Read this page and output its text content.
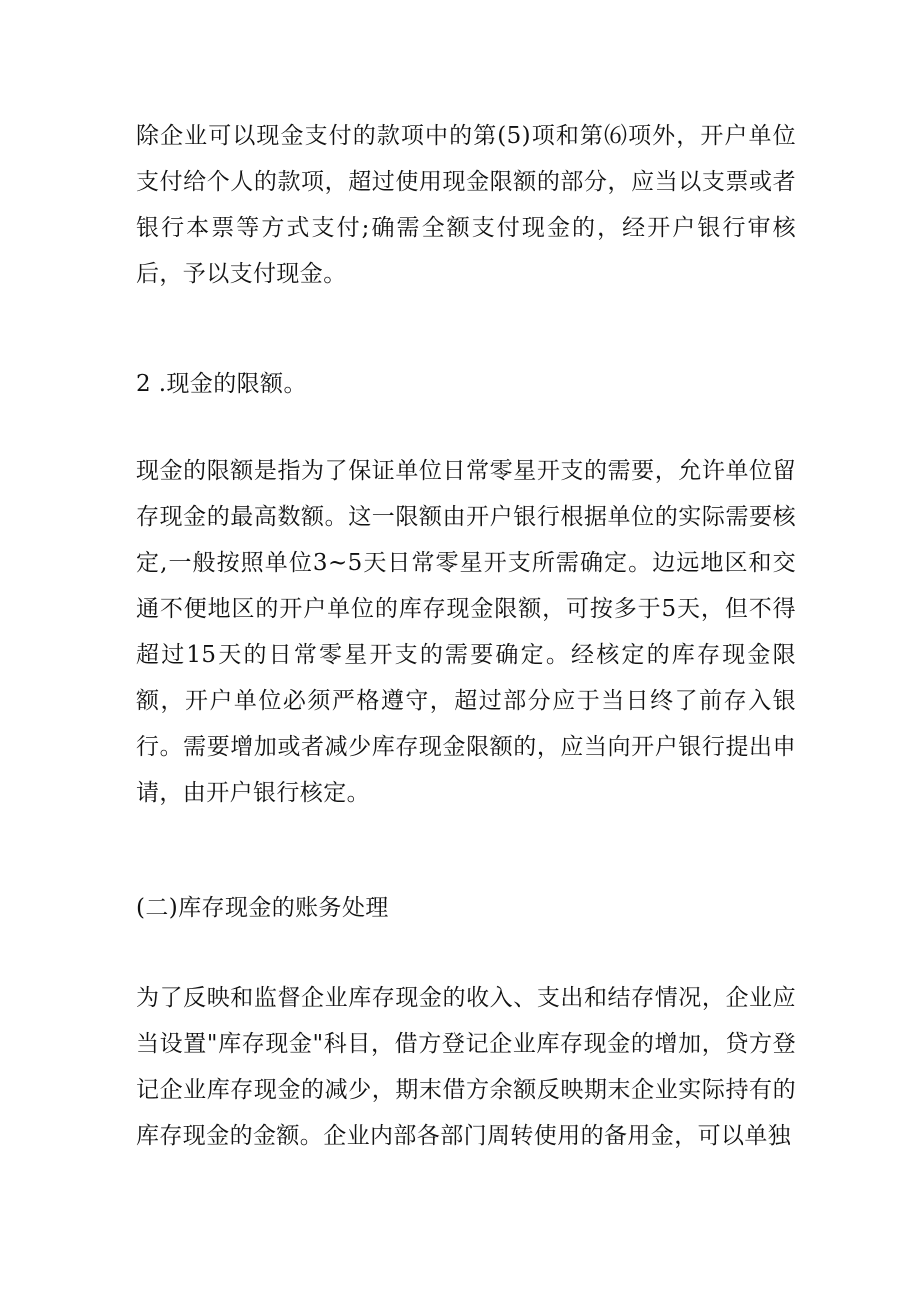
除企业可以现金支付的款项中的第(5)项和第⑹项外，开户单位支付给个人的款项，超过使用现金限额的部分，应当以支票或者银行本票等方式支付;确需全额支付现金的，经开户银行审核后，予以支付现金。

2 .现金的限额。

现金的限额是指为了保证单位日常零星开支的需要，允许单位留存现金的最高数额。这一限额由开户银行根据单位的实际需要核定,一般按照单位3~5天日常零星开支所需确定。边远地区和交通不便地区的开户单位的库存现金限额，可按多于5天，但不得超过15天的日常零星开支的需要确定。经核定的库存现金限额，开户单位必须严格遵守，超过部分应于当日终了前存入银行。需要增加或者减少库存现金限额的，应当向开户银行提出申请，由开户银行核定。

(二)库存现金的账务处理

为了反映和监督企业库存现金的收入、支出和结存情况，企业应当设置"库存现金"科目，借方登记企业库存现金的增加，贷方登记企业库存现金的减少，期末借方余额反映期末企业实际持有的库存现金的金额。企业内部各部门周转使用的备用金，可以单独
